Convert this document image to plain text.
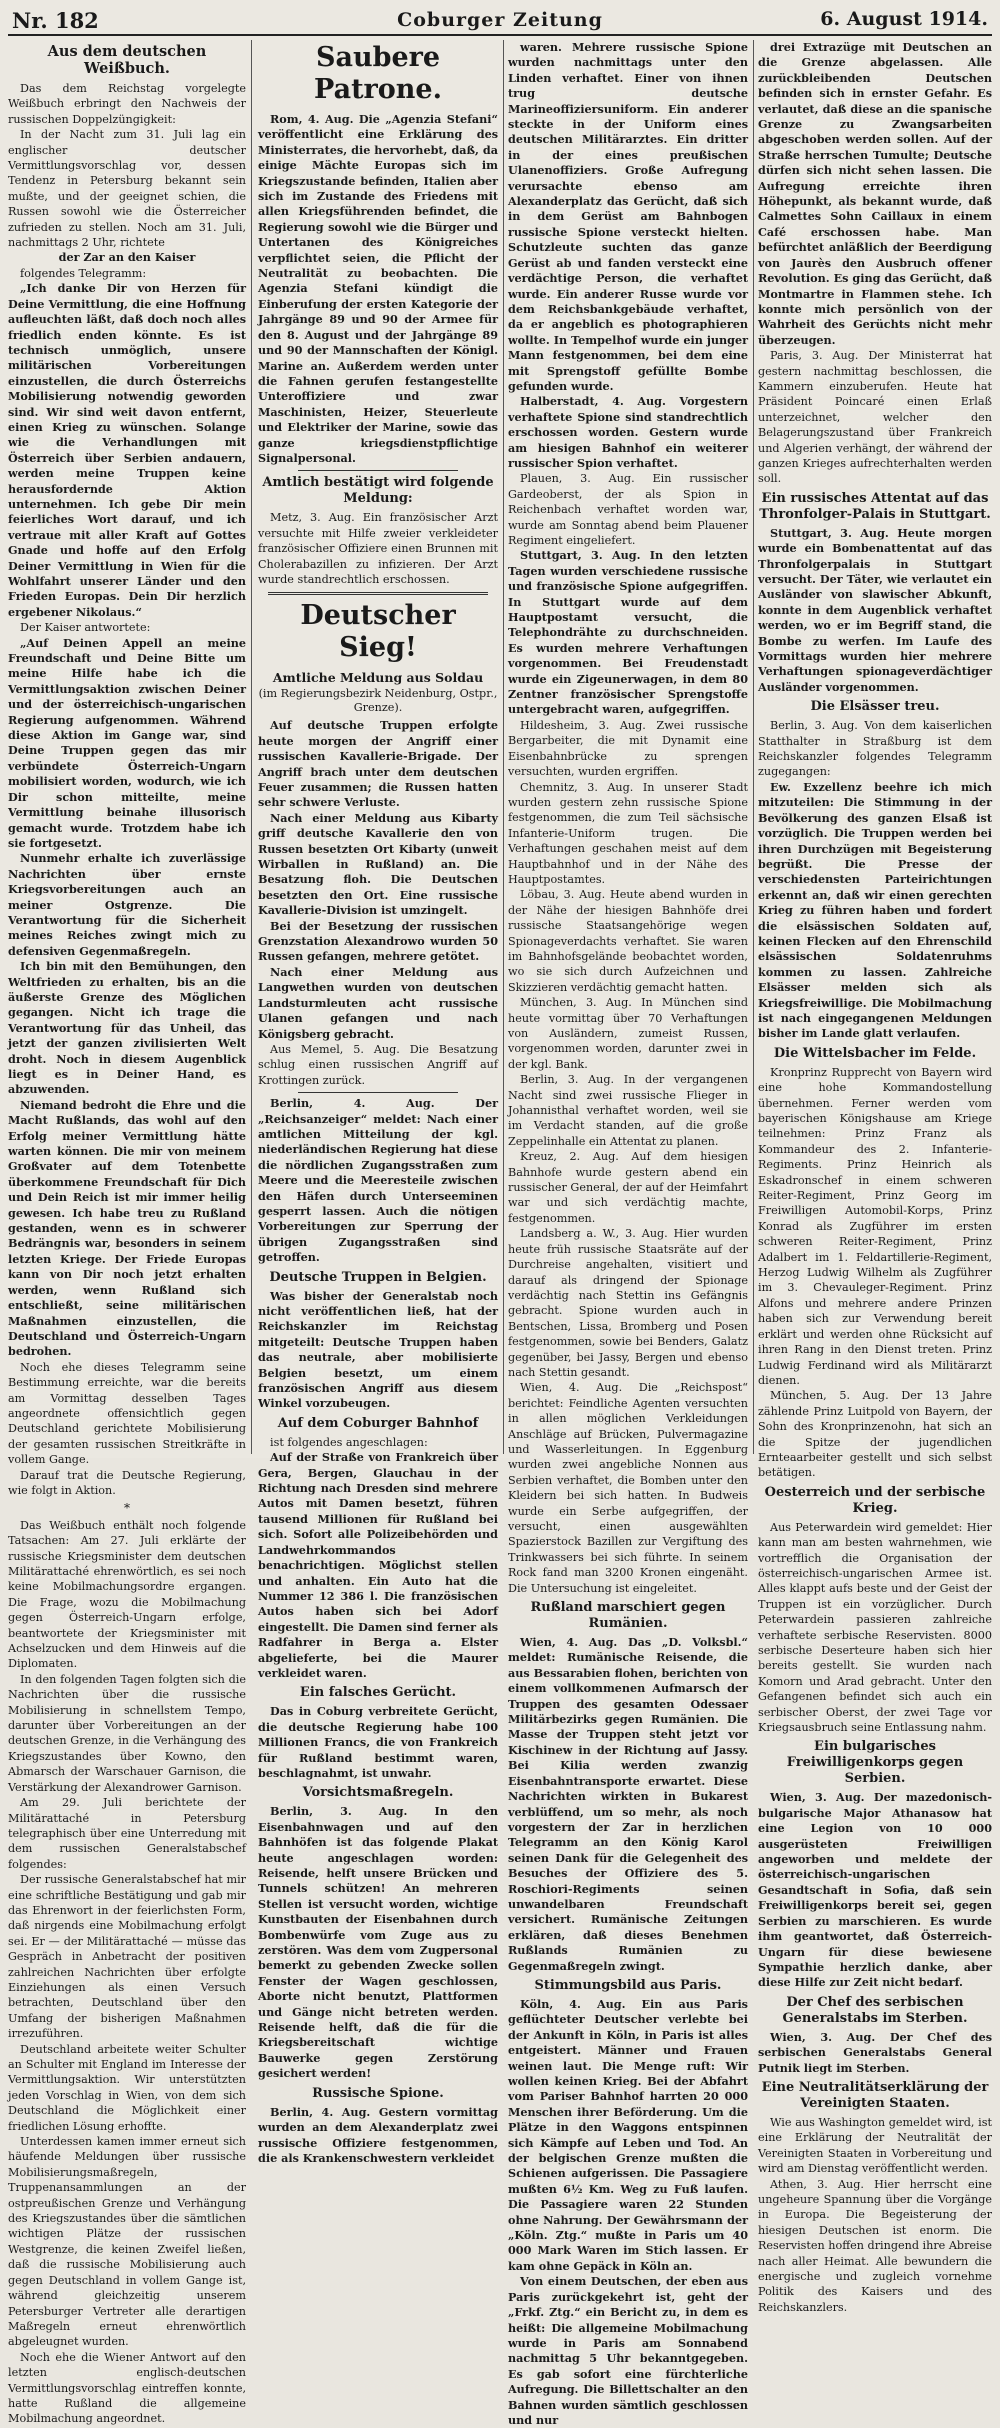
Nr. 182	Coburger Zeitung	6. August 1914.
Aus dem deutschen Weißbuch.

Das dem Reichstag vorgelegte Weißbuch erbringt den Nachweis der russischen Doppelzüngigkeit:

In der Nacht zum 31. Juli lag ein englischer deutscher Vermittlungsvorschlag vor, dessen Tendenz in Petersburg bekannt sein mußte, und der geeignet schien, die Russen sowohl wie die Österreicher zufrieden zu stellen. Noch am 31. Juli, nachmittags 2 Uhr, richtete

der Zar an den Kaiser

folgendes Telegramm:

„Ich danke Dir von Herzen für Deine Vermittlung, die eine Hoffnung aufleuchten läßt, daß doch noch alles friedlich enden könnte. Es ist technisch unmöglich, unsere militärischen Vorbereitungen einzustellen, die durch Österreichs Mobilisierung notwendig geworden sind. Wir sind weit davon entfernt, einen Krieg zu wünschen. Solange wie die Verhandlungen mit Österreich über Serbien andauern, werden meine Truppen keine herausfordernde Aktion unternehmen. Ich gebe Dir mein feierliches Wort darauf, und ich vertraue mit aller Kraft auf Gottes Gnade und hoffe auf den Erfolg Deiner Vermittlung in Wien für die Wohlfahrt unserer Länder und den Frieden Europas. Dein Dir herzlich ergebener Nikolaus.“

Der Kaiser antwortete:

„Auf Deinen Appell an meine Freundschaft und Deine Bitte um meine Hilfe habe ich die Vermittlungsaktion zwischen Deiner und der österreichisch-ungarischen Regierung aufgenommen. Während diese Aktion im Gange war, sind Deine Truppen gegen das mir verbündete Österreich-Ungarn mobilisiert worden, wodurch, wie ich Dir schon mitteilte, meine Vermittlung beinahe illusorisch gemacht wurde. Trotzdem habe ich sie fortgesetzt.

Nunmehr erhalte ich zuverlässige Nachrichten über ernste Kriegsvorbereitungen auch an meiner Ostgrenze. Die Verantwortung für die Sicherheit meines Reiches zwingt mich zu defensiven Gegenmaßregeln.

Ich bin mit den Bemühungen, den Weltfrieden zu erhalten, bis an die äußerste Grenze des Möglichen gegangen. Nicht ich trage die Verantwortung für das Unheil, das jetzt der ganzen zivilisierten Welt droht. Noch in diesem Augenblick liegt es in Deiner Hand, es abzuwenden.

Niemand bedroht die Ehre und die Macht Rußlands, das wohl auf den Erfolg meiner Vermittlung hätte warten können. Die mir von meinem Großvater auf dem Totenbette überkommene Freundschaft für Dich und Dein Reich ist mir immer heilig gewesen. Ich habe treu zu Rußland gestanden, wenn es in schwerer Bedrängnis war, besonders in seinem letzten Kriege. Der Friede Europas kann von Dir noch jetzt erhalten werden, wenn Rußland sich entschließt, seine militärischen Maßnahmen einzustellen, die Deutschland und Österreich-Ungarn bedrohen.

Noch ehe dieses Telegramm seine Bestimmung erreichte, war die bereits am Vormittag desselben Tages angeordnete offensichtlich gegen Deutschland gerichtete Mobilisierung der gesamten russischen Streitkräfte in vollem Gange.

Darauf trat die Deutsche Regierung, wie folgt in Aktion.

*

Das Weißbuch enthält noch folgende Tatsachen: Am 27. Juli erklärte der russische Kriegsminister dem deutschen Militärattaché ehrenwörtlich, es sei noch keine Mobilmachungsordre ergangen. Die Frage, wozu die Mobilmachung gegen Österreich-Ungarn erfolge, beantwortete der Kriegsminister mit Achselzucken und dem Hinweis auf die Diplomaten.

In den folgenden Tagen folgten sich die Nachrichten über die russische Mobilisierung in schnellstem Tempo, darunter über Vorbereitungen an der deutschen Grenze, in die Verhängung des Kriegszustandes über Kowno, den Abmarsch der Warschauer Garnison, die Verstärkung der Alexandrower Garnison.

Am 29. Juli berichtete der Militärattaché in Petersburg telegraphisch über eine Unterredung mit dem russischen Generalstabschef folgendes:

Der russische Generalstabschef hat mir eine schriftliche Bestätigung und gab mir das Ehrenwort in der feierlichsten Form, daß nirgends eine Mobilmachung erfolgt sei. Er — der Militärattaché — müsse das Gespräch in Anbetracht der positiven zahlreichen Nachrichten über erfolgte Einziehungen als einen Versuch betrachten, Deutschland über den Umfang der bisherigen Maßnahmen irrezuführen.

Deutschland arbeitete weiter Schulter an Schulter mit England im Interesse der Vermittlungsaktion. Wir unterstützten jeden Vorschlag in Wien, von dem sich Deutschland die Möglichkeit einer friedlichen Lösung erhoffte.

Unterdessen kamen immer erneut sich häufende Meldungen über russische Mobilisierungsmaßregeln, Truppenansammlungen an der ostpreußischen Grenze und Verhängung des Kriegszustandes über die sämtlichen wichtigen Plätze der russischen Westgrenze, die keinen Zweifel ließen, daß die russische Mobilisierung auch gegen Deutschland in vollem Gange ist, während gleichzeitig unserem Petersburger Vertreter alle derartigen Maßregeln erneut ehrenwörtlich abgeleugnet wurden.

Noch ehe die Wiener Antwort auf den letzten englisch-deutschen Vermittlungsvorschlag eintreffen konnte, hatte Rußland die allgemeine Mobilmachung angeordnet.

Saubere Patrone.

Rom, 4. Aug. Die „Agenzia Stefani“ veröffentlicht eine Erklärung des Ministerrates, die hervorhebt, daß, da einige Mächte Europas sich im Kriegszustande befinden, Italien aber sich im Zustande des Friedens mit allen Kriegsführenden befindet, die Regierung sowohl wie die Bürger und Untertanen des Königreiches verpflichtet seien, die Pflicht der Neutralität zu beobachten. Die Agenzia Stefani kündigt die Einberufung der ersten Kategorie der Jahrgänge 89 und 90 der Armee für den 8. August und der Jahrgänge 89 und 90 der Mannschaften der Königl. Marine an. Außerdem werden unter die Fahnen gerufen festangestellte Unteroffiziere und zwar Maschinisten, Heizer, Steuerleute und Elektriker der Marine, sowie das ganze kriegsdienstpflichtige Signalpersonal.

Amtlich bestätigt wird folgende Meldung:

Metz, 3. Aug. Ein französischer Arzt versuchte mit Hilfe zweier verkleideter französischer Offiziere einen Brunnen mit Cholerabazillen zu infizieren. Der Arzt wurde standrechtlich erschossen.

Deutscher Sieg!
Amtliche Meldung aus Soldau
(im Regierungsbezirk Neidenburg, Ostpr., Grenze).

Auf deutsche Truppen erfolgte heute morgen der Angriff einer russischen Kavallerie-Brigade. Der Angriff brach unter dem deutschen Feuer zusammen; die Russen hatten sehr schwere Verluste.

Nach einer Meldung aus Kibarty griff deutsche Kavallerie den von Russen besetzten Ort Kibarty (unweit Wirballen in Rußland) an. Die Besatzung floh. Die Deutschen besetzten den Ort. Eine russische Kavallerie-Division ist umzingelt.

Bei der Besetzung der russischen Grenzstation Alexandrowo wurden 50 Russen gefangen, mehrere getötet.

Nach einer Meldung aus Langwethen wurden von deutschen Landsturmleuten acht russische Ulanen gefangen und nach Königsberg gebracht.

Aus Memel, 5. Aug. Die Besatzung schlug einen russischen Angriff auf Krottingen zurück.

Berlin, 4. Aug. Der „Reichsanzeiger“ meldet: Nach einer amtlichen Mitteilung der kgl. niederländischen Regierung hat diese die nördlichen Zugangsstraßen zum Meere und die Meeresteile zwischen den Häfen durch Unterseeminen gesperrt lassen. Auch die nötigen Vorbereitungen zur Sperrung der übrigen Zugangsstraßen sind getroffen.

Deutsche Truppen in Belgien.

Was bisher der Generalstab noch nicht veröffentlichen ließ, hat der Reichskanzler im Reichstag mitgeteilt: Deutsche Truppen haben das neutrale, aber mobilisierte Belgien besetzt, um einem französischen Angriff aus diesem Winkel vorzubeugen.

Auf dem Coburger Bahnhof

ist folgendes angeschlagen:

Auf der Straße von Frankreich über Gera, Bergen, Glauchau in der Richtung nach Dresden sind mehrere Autos mit Damen besetzt, führen tausend Millionen für Rußland bei sich. Sofort alle Polizeibehörden und Landwehrkommandos benachrichtigen. Möglichst stellen und anhalten. Ein Auto hat die Nummer 12 386 l. Die französischen Autos haben sich bei Adorf eingestellt. Die Damen sind ferner als Radfahrer in Berga a. Elster abgelieferte, bei die Maurer verkleidet waren.

Ein falsches Gerücht.

Das in Coburg verbreitete Gerücht, die deutsche Regierung habe 100 Millionen Francs, die von Frankreich für Rußland bestimmt waren, beschlagnahmt, ist unwahr.

Vorsichtsmaßregeln.

Berlin, 3. Aug. In den Eisenbahnwagen und auf den Bahnhöfen ist das folgende Plakat heute angeschlagen worden: Reisende, helft unsere Brücken und Tunnels schützen! An mehreren Stellen ist versucht worden, wichtige Kunstbauten der Eisenbahnen durch Bombenwürfe vom Zuge aus zu zerstören. Was dem vom Zugpersonal bemerkt zu gebenden Zwecke sollen Fenster der Wagen geschlossen, Aborte nicht benutzt, Plattformen und Gänge nicht betreten werden. Reisende helft, daß die für die Kriegsbereitschaft wichtige Bauwerke gegen Zerstörung gesichert werden!

Russische Spione.

Berlin, 4. Aug. Gestern vormittag wurden an dem Alexanderplatz zwei russische Offiziere festgenommen, die als Krankenschwestern verkleidet

waren. Mehrere russische Spione wurden nachmittags unter den Linden verhaftet. Einer von ihnen trug deutsche Marineoffiziersuniform. Ein anderer steckte in der Uniform eines deutschen Militärarztes. Ein dritter in der eines preußischen Ulanenoffiziers. Große Aufregung verursachte ebenso am Alexanderplatz das Gerücht, daß sich in dem Gerüst am Bahnbogen russische Spione versteckt hielten. Schutzleute suchten das ganze Gerüst ab und fanden versteckt eine verdächtige Person, die verhaftet wurde. Ein anderer Russe wurde vor dem Reichsbankgebäude verhaftet, da er angeblich es photographieren wollte. In Tempelhof wurde ein junger Mann festgenommen, bei dem eine mit Sprengstoff gefüllte Bombe gefunden wurde.

Halberstadt, 4. Aug. Vorgestern verhaftete Spione sind standrechtlich erschossen worden. Gestern wurde am hiesigen Bahnhof ein weiterer russischer Spion verhaftet.

Plauen, 3. Aug. Ein russischer Gardeoberst, der als Spion in Reichenbach verhaftet worden war, wurde am Sonntag abend beim Plauener Regiment eingeliefert.

Stuttgart, 3. Aug. In den letzten Tagen wurden verschiedene russische und französische Spione aufgegriffen. In Stuttgart wurde auf dem Hauptpostamt versucht, die Telephondrähte zu durchschneiden. Es wurden mehrere Verhaftungen vorgenommen. Bei Freudenstadt wurde ein Zigeunerwagen, in dem 80 Zentner französischer Sprengstoffe untergebracht waren, aufgegriffen.

Hildesheim, 3. Aug. Zwei russische Bergarbeiter, die mit Dynamit eine Eisenbahnbrücke zu sprengen versuchten, wurden ergriffen.

Chemnitz, 3. Aug. In unserer Stadt wurden gestern zehn russische Spione festgenommen, die zum Teil sächsische Infanterie-Uniform trugen. Die Verhaftungen geschahen meist auf dem Hauptbahnhof und in der Nähe des Hauptpostamtes.

Löbau, 3. Aug. Heute abend wurden in der Nähe der hiesigen Bahnhöfe drei russische Staatsangehörige wegen Spionageverdachts verhaftet. Sie waren im Bahnhofsgelände beobachtet worden, wo sie sich durch Aufzeichnen und Skizzieren verdächtig gemacht hatten.

München, 3. Aug. In München sind heute vormittag über 70 Verhaftungen von Ausländern, zumeist Russen, vorgenommen worden, darunter zwei in der kgl. Bank.

Berlin, 3. Aug. In der vergangenen Nacht sind zwei russische Flieger in Johannisthal verhaftet worden, weil sie im Verdacht standen, auf die große Zeppelinhalle ein Attentat zu planen.

Kreuz, 2. Aug. Auf dem hiesigen Bahnhofe wurde gestern abend ein russischer General, der auf der Heimfahrt war und sich verdächtig machte, festgenommen.

Landsberg a. W., 3. Aug. Hier wurden heute früh russische Staatsräte auf der Durchreise angehalten, visitiert und darauf als dringend der Spionage verdächtig nach Stettin ins Gefängnis gebracht. Spione wurden auch in Bentschen, Lissa, Bromberg und Posen festgenommen, sowie bei Benders, Galatz gegenüber, bei Jassy, Bergen und ebenso nach Stettin gesandt.

Wien, 4. Aug. Die „Reichspost“ berichtet: Feindliche Agenten versuchten in allen möglichen Verkleidungen Anschläge auf Brücken, Pulvermagazine und Wasserleitungen. In Eggenburg wurden zwei angebliche Nonnen aus Serbien verhaftet, die Bomben unter den Kleidern bei sich hatten. In Budweis wurde ein Serbe aufgegriffen, der versucht, einen ausgewählten Spazierstock Bazillen zur Vergiftung des Trinkwassers bei sich führte. In seinem Rock fand man 3200 Kronen eingenäht. Die Untersuchung ist eingeleitet.

Rußland marschiert gegen Rumänien.

Wien, 4. Aug. Das „D. Volksbl.“ meldet: Rumänische Reisende, die aus Bessarabien flohen, berichten von einem vollkommenen Aufmarsch der Truppen des gesamten Odessaer Militärbezirks gegen Rumänien. Die Masse der Truppen steht jetzt vor Kischinew in der Richtung auf Jassy. Bei Kilia werden zwanzig Eisenbahntransporte erwartet. Diese Nachrichten wirkten in Bukarest verblüffend, um so mehr, als noch vorgestern der Zar in herzlichen Telegramm an den König Karol seinen Dank für die Gelegenheit des Besuches der Offiziere des 5. Roschiori-Regiments seinen unwandelbaren Freundschaft versichert. Rumänische Zeitungen erklären, daß dieses Benehmen Rußlands Rumänien zu Gegenmaßregeln zwingt.

Stimmungsbild aus Paris.

Köln, 4. Aug. Ein aus Paris geflüchteter Deutscher verlebte bei der Ankunft in Köln, in Paris ist alles entgeistert. Männer und Frauen weinen laut. Die Menge ruft: Wir wollen keinen Krieg. Bei der Abfahrt vom Pariser Bahnhof harrten 20 000 Menschen ihrer Beförderung. Um die Plätze in den Waggons entspinnen sich Kämpfe auf Leben und Tod. An der belgischen Grenze mußten die Schienen aufgerissen. Die Passagiere mußten 6½ Km. Weg zu Fuß laufen. Die Passagiere waren 22 Stunden ohne Nahrung. Der Gewährsmann der „Köln. Ztg.“ mußte in Paris um 40 000 Mark Waren im Stich lassen. Er kam ohne Gepäck in Köln an.

Von einem Deutschen, der eben aus Paris zurückgekehrt ist, geht der „Frkf. Ztg.“ ein Bericht zu, in dem es heißt: Die allgemeine Mobilmachung wurde in Paris am Sonnabend nachmittag 5 Uhr bekanntgegeben. Es gab sofort eine fürchterliche Aufregung. Die Billettschalter an den Bahnen wurden sämtlich geschlossen und nur

drei Extrazüge mit Deutschen an die Grenze abgelassen. Alle zurückbleibenden Deutschen befinden sich in ernster Gefahr. Es verlautet, daß diese an die spanische Grenze zu Zwangsarbeiten abgeschoben werden sollen. Auf der Straße herrschen Tumulte; Deutsche dürfen sich nicht sehen lassen. Die Aufregung erreichte ihren Höhepunkt, als bekannt wurde, daß Calmettes Sohn Caillaux in einem Café erschossen habe. Man befürchtet anläßlich der Beerdigung von Jaurès den Ausbruch offener Revolution. Es ging das Gerücht, daß Montmartre in Flammen stehe. Ich konnte mich persönlich von der Wahrheit des Gerüchts nicht mehr überzeugen.

Paris, 3. Aug. Der Ministerrat hat gestern nachmittag beschlossen, die Kammern einzuberufen. Heute hat Präsident Poincaré einen Erlaß unterzeichnet, welcher den Belagerungszustand über Frankreich und Algerien verhängt, der während der ganzen Krieges aufrechterhalten werden soll.

Ein russisches Attentat auf das Thronfolger-Palais in Stuttgart.

Stuttgart, 3. Aug. Heute morgen wurde ein Bombenattentat auf das Thronfolgerpalais in Stuttgart versucht. Der Täter, wie verlautet ein Ausländer von slawischer Abkunft, konnte in dem Augenblick verhaftet werden, wo er im Begriff stand, die Bombe zu werfen. Im Laufe des Vormittags wurden hier mehrere Verhaftungen spionageverdächtiger Ausländer vorgenommen.

Die Elsässer treu.

Berlin, 3. Aug. Von dem kaiserlichen Statthalter in Straßburg ist dem Reichskanzler folgendes Telegramm zugegangen:

Ew. Exzellenz beehre ich mich mitzuteilen: Die Stimmung in der Bevölkerung des ganzen Elsaß ist vorzüglich. Die Truppen werden bei ihren Durchzügen mit Begeisterung begrüßt. Die Presse der verschiedensten Parteirichtungen erkennt an, daß wir einen gerechten Krieg zu führen haben und fordert die elsässischen Soldaten auf, keinen Flecken auf den Ehrenschild elsässischen Soldatenruhms kommen zu lassen. Zahlreiche Elsässer melden sich als Kriegsfreiwillige. Die Mobilmachung ist nach eingegangenen Meldungen bisher im Lande glatt verlaufen.

Die Wittelsbacher im Felde.

Kronprinz Rupprecht von Bayern wird eine hohe Kommandostellung übernehmen. Ferner werden vom bayerischen Königshause am Kriege teilnehmen: Prinz Franz als Kommandeur des 2. Infanterie-Regiments. Prinz Heinrich als Eskadronschef in einem schweren Reiter-Regiment, Prinz Georg im Freiwilligen Automobil-Korps, Prinz Konrad als Zugführer im ersten schweren Reiter-Regiment, Prinz Adalbert im 1. Feldartillerie-Regiment, Herzog Ludwig Wilhelm als Zugführer im 3. Chevauleger-Regiment. Prinz Alfons und mehrere andere Prinzen haben sich zur Verwendung bereit erklärt und werden ohne Rücksicht auf ihren Rang in den Dienst treten. Prinz Ludwig Ferdinand wird als Militärarzt dienen.

München, 5. Aug. Der 13 Jahre zählende Prinz Luitpold von Bayern, der Sohn des Kronprinzenohn, hat sich an die Spitze der jugendlichen Ernteaarbeiter gestellt und sich selbst betätigen.

Oesterreich und der serbische Krieg.

Aus Peterwardein wird gemeldet: Hier kann man am besten wahrnehmen, wie vortrefflich die Organisation der österreichisch-ungarischen Armee ist. Alles klappt aufs beste und der Geist der Truppen ist ein vorzüglicher. Durch Peterwardein passieren zahlreiche verhaftete serbische Reservisten. 8000 serbische Deserteure haben sich hier bereits gestellt. Sie wurden nach Komorn und Arad gebracht. Unter den Gefangenen befindet sich auch ein serbischer Oberst, der zwei Tage vor Kriegsausbruch seine Entlassung nahm.

Ein bulgarisches Freiwilligenkorps gegen Serbien.

Wien, 3. Aug. Der mazedonisch-bulgarische Major Athanasow hat eine Legion von 10 000 ausgerüsteten Freiwilligen angeworben und meldete der österreichisch-ungarischen Gesandtschaft in Sofia, daß sein Freiwilligenkorps bereit sei, gegen Serbien zu marschieren. Es wurde ihm geantwortet, daß Österreich-Ungarn für diese bewiesene Sympathie herzlich danke, aber diese Hilfe zur Zeit nicht bedarf.

Der Chef des serbischen Generalstabs im Sterben.

Wien, 3. Aug. Der Chef des serbischen Generalstabs General Putnik liegt im Sterben.

Eine Neutralitätserklärung der Vereinigten Staaten.

Wie aus Washington gemeldet wird, ist eine Erklärung der Neutralität der Vereinigten Staaten in Vorbereitung und wird am Dienstag veröffentlicht werden.

Athen, 3. Aug. Hier herrscht eine ungeheure Spannung über die Vorgänge in Europa. Die Begeisterung der hiesigen Deutschen ist enorm. Die Reservisten hoffen dringend ihre Abreise nach aller Heimat. Alle bewundern die energische und zugleich vornehme Politik des Kaisers und des Reichskanzlers.
